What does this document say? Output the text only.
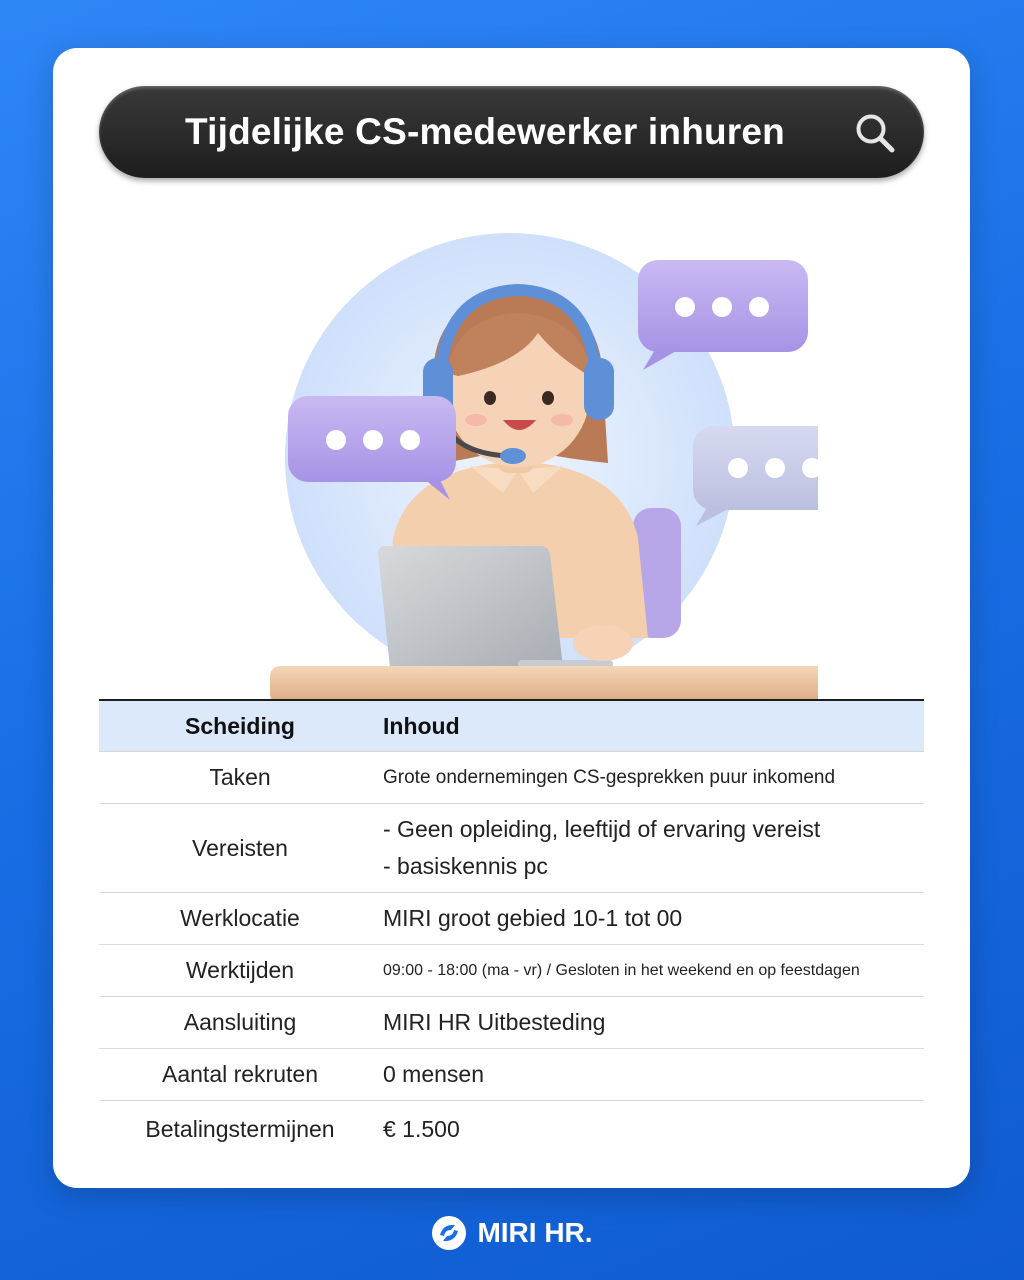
Tijdelijke CS-medewerker inhuren
Scheiding	Inhoud
Taken	Grote ondernemingen CS-gesprekken puur inkomend
Vereisten	- Geen opleiding, leeftijd of ervaring vereist
- basiskennis pc

Werklocatie	MIRI groot gebied 10-1 tot 00
Werktijden	09:00 - 18:00 (ma - vr) / Gesloten in het weekend en op feestdagen
Aansluiting	MIRI HR Uitbesteding
Aantal rekruten	0 mensen
Betalingstermijnen	€ 1.500
MIRI HR.
